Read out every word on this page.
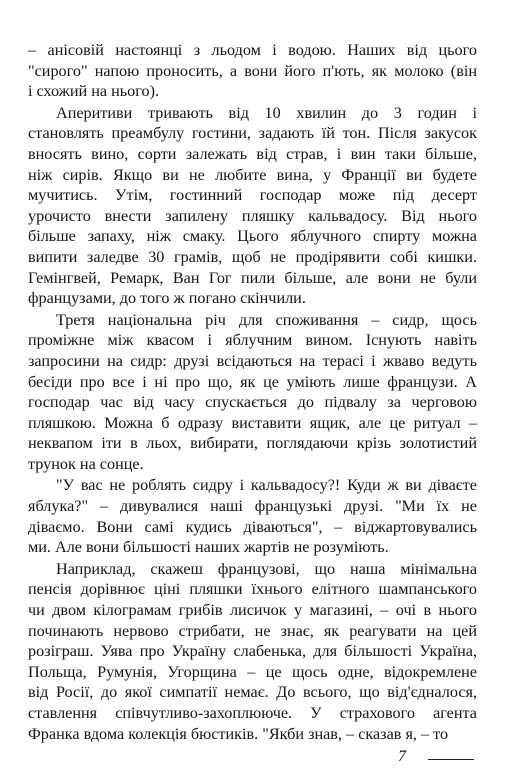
– анісовій настоянці з льодом і водою. Наших від цього
"сирого" напою проносить, а вони його п'ють, як молоко (він
і схожий на нього).

Аперитиви тривають від 10 хвилин до 3 годин і
становлять преамбулу гостини, задають їй тон. Після закусок
вносять вино, сорти залежать від страв, і вин таки більше,
ніж сирів. Якщо ви не любите вина, у Франції ви будете
мучитись. Утім, гостинний господар може під десерт
урочисто внести запилену пляшку кальвадосу. Від нього
більше запаху, ніж смаку. Цього яблучного спирту можна
випити заледве 30 грамів, щоб не продірявити собі кишки.
Гемінгвей, Ремарк, Ван Гог пили більше, але вони не були
французами, до того ж погано скінчили.

Третя національна річ для споживання – сидр, щось
проміжне між квасом і яблучним вином. Існують навіть
запросини на сидр: друзі всідаються на терасі і жваво ведуть
бесіди про все і ні про що, як це уміють лише французи. А
господар час від часу спускається до підвалу за черговою
пляшкою. Можна б одразу виставити ящик, але це ритуал –
неквапом іти в льох, вибирати, поглядаючи крізь золотистий
трунок на сонце.

"У вас не роблять сидру і кальвадосу?! Куди ж ви діваєте
яблука?" – дивувалися наші французькі друзі. "Ми їх не
діваємо. Вони самі кудись діваються", – віджартовувались
ми. Але вони більшості наших жартів не розуміють.

Наприклад, скажеш французові, що наша мінімальна
пенсія дорівнює ціні пляшки їхнього елітного шампанського
чи двом кілограмам грибів лисичок у магазині, – очі в нього
починають нервово стрибати, не знає, як реагувати на цей
розіграш. Уява про Україну слабенька, для більшості Україна,
Польща, Румунія, Угорщина – це щось одне, відокремлене
від Росії, до якої симпатії немає. До всього, що від'єдналося,
ставлення співчутливо-захоплююче. У страхового агента
Франка вдома колекція бюстиків. "Якби знав, – сказав я, – то

7
